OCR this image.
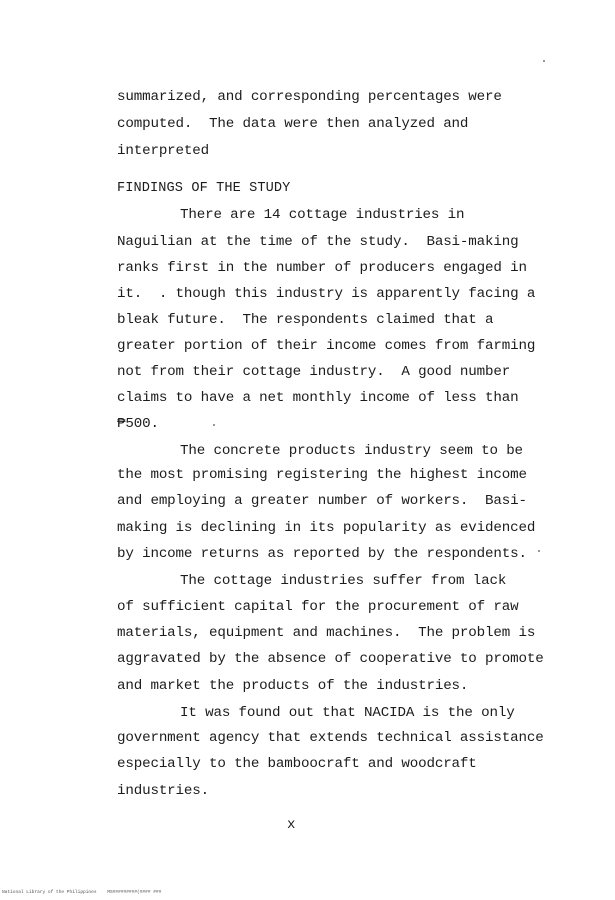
summarized, and corresponding percentages were
computed.  The data were then analyzed and
interpreted
FINDINGS OF THE STUDY
There are 14 cottage industries in
Naguilian at the time of the study.  Basi-making
ranks first in the number of producers engaged in
it.  . though this industry is apparently facing a
bleak future.  The respondents claimed that a
greater portion of their income comes from farming
not from their cottage industry.  A good number
claims to have a net monthly income of less than
₱500.
The concrete products industry seem to be
the most promising registering the highest income
and employing a greater number of workers.  Basi-
making is declining in its popularity as evidenced
by income returns as reported by the respondents.
The cottage industries suffer from lack
of sufficient capital for the procurement of raw
materials, equipment and machines.  The problem is
aggravated by the absence of cooperative to promote
and market the products of the industries.
It was found out that NACIDA is the only
government agency that extends technical assistance
especially to the bamboocraft and woodcraft
industries.
x
National Library of the Philippines    MS#########(#### ###
